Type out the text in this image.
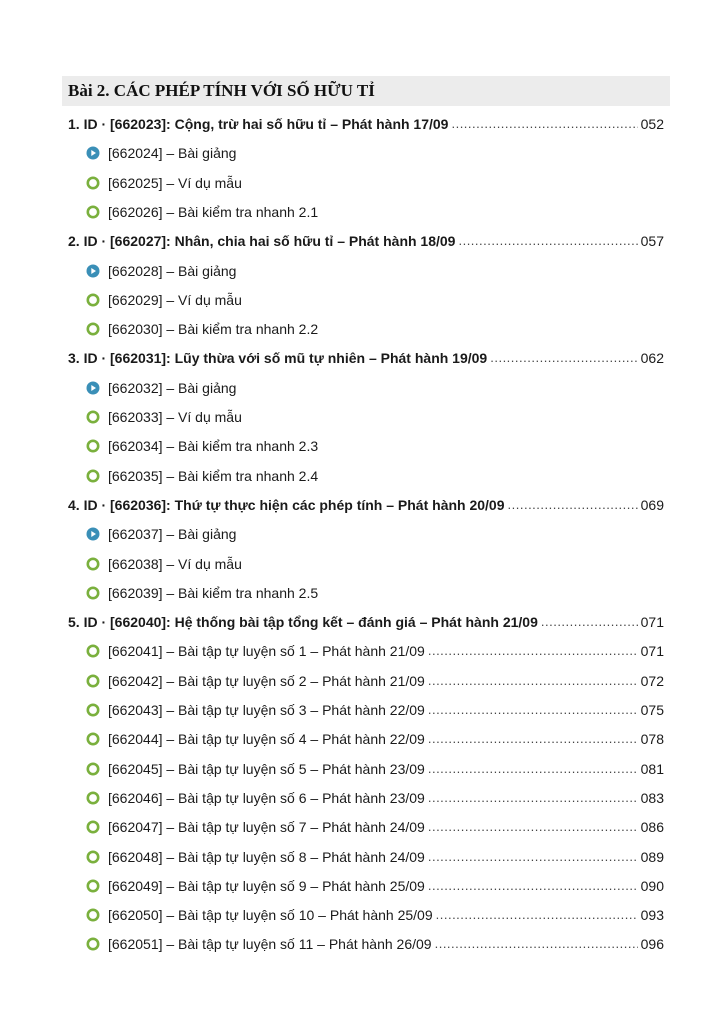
Bài 2. CÁC PHÉP TÍNH VỚI SỐ HỮU TỈ
1. ID · [662023]: Cộng, trừ hai số hữu tỉ – Phát hành 17/09 .....	052
[662024] – Bài giảng
[662025] – Ví dụ mẫu
[662026] – Bài kiểm tra nhanh 2.1
2. ID · [662027]: Nhân, chia hai số hữu tỉ – Phát hành 18/09 .....	057
[662028] – Bài giảng
[662029] – Ví dụ mẫu
[662030] – Bài kiểm tra nhanh 2.2
3. ID · [662031]: Lũy thừa với số mũ tự nhiên – Phát hành 19/09 .....	062
[662032] – Bài giảng
[662033] – Ví dụ mẫu
[662034] – Bài kiểm tra nhanh 2.3
[662035] – Bài kiểm tra nhanh 2.4
4. ID · [662036]: Thứ tự thực hiện các phép tính – Phát hành 20/09 .....	069
[662037] – Bài giảng
[662038] – Ví dụ mẫu
[662039] – Bài kiểm tra nhanh 2.5
5. ID · [662040]: Hệ thống bài tập tổng kết – đánh giá – Phát hành 21/09 .....	071
[662041] – Bài tập tự luyện số 1 – Phát hành 21/09 .....	071
[662042] – Bài tập tự luyện số 2 – Phát hành 21/09 .....	072
[662043] – Bài tập tự luyện số 3 – Phát hành 22/09 .....	075
[662044] – Bài tập tự luyện số 4 – Phát hành 22/09 .....	078
[662045] – Bài tập tự luyện số 5 – Phát hành 23/09 .....	081
[662046] – Bài tập tự luyện số 6 – Phát hành 23/09 .....	083
[662047] – Bài tập tự luyện số 7 – Phát hành 24/09 .....	086
[662048] – Bài tập tự luyện số 8 – Phát hành 24/09 .....	089
[662049] – Bài tập tự luyện số 9 – Phát hành 25/09 .....	090
[662050] – Bài tập tự luyện số 10 – Phát hành 25/09 .....	093
[662051] – Bài tập tự luyện số 11 – Phát hành 26/09 .....	096
